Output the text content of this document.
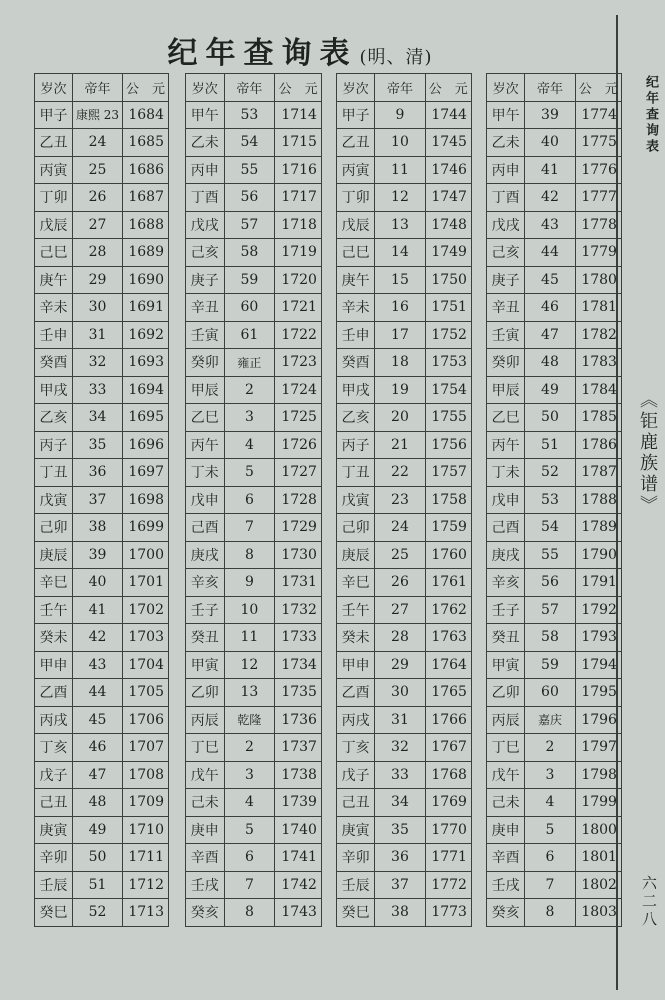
纪年查询表 (明、清)
纪年查询表
《钜鹿族谱》
六二八
岁次	帝年	公　元
甲子	康熙 23	1684
乙丑	24	1685
丙寅	25	1686
丁卯	26	1687
戊辰	27	1688
己巳	28	1689
庚午	29	1690
辛未	30	1691
壬申	31	1692
癸酉	32	1693
甲戌	33	1694
乙亥	34	1695
丙子	35	1696
丁丑	36	1697
戊寅	37	1698
己卯	38	1699
庚辰	39	1700
辛巳	40	1701
壬午	41	1702
癸未	42	1703
甲申	43	1704
乙酉	44	1705
丙戌	45	1706
丁亥	46	1707
戊子	47	1708
己丑	48	1709
庚寅	49	1710
辛卯	50	1711
壬辰	51	1712
癸巳	52	1713
岁次	帝年	公　元
甲午	53	1714
乙未	54	1715
丙申	55	1716
丁酉	56	1717
戊戌	57	1718
己亥	58	1719
庚子	59	1720
辛丑	60	1721
壬寅	61	1722
癸卯	雍正	1723
甲辰	2	1724
乙巳	3	1725
丙午	4	1726
丁未	5	1727
戊申	6	1728
己酉	7	1729
庚戌	8	1730
辛亥	9	1731
壬子	10	1732
癸丑	11	1733
甲寅	12	1734
乙卯	13	1735
丙辰	乾隆	1736
丁巳	2	1737
戊午	3	1738
己未	4	1739
庚申	5	1740
辛酉	6	1741
壬戌	7	1742
癸亥	8	1743
岁次	帝年	公　元
甲子	9	1744
乙丑	10	1745
丙寅	11	1746
丁卯	12	1747
戊辰	13	1748
己巳	14	1749
庚午	15	1750
辛未	16	1751
壬申	17	1752
癸酉	18	1753
甲戌	19	1754
乙亥	20	1755
丙子	21	1756
丁丑	22	1757
戊寅	23	1758
己卯	24	1759
庚辰	25	1760
辛巳	26	1761
壬午	27	1762
癸未	28	1763
甲申	29	1764
乙酉	30	1765
丙戌	31	1766
丁亥	32	1767
戊子	33	1768
己丑	34	1769
庚寅	35	1770
辛卯	36	1771
壬辰	37	1772
癸巳	38	1773
岁次	帝年	公　元
甲午	39	1774
乙未	40	1775
丙申	41	1776
丁酉	42	1777
戊戌	43	1778
己亥	44	1779
庚子	45	1780
辛丑	46	1781
壬寅	47	1782
癸卯	48	1783
甲辰	49	1784
乙巳	50	1785
丙午	51	1786
丁未	52	1787
戊申	53	1788
己酉	54	1789
庚戌	55	1790
辛亥	56	1791
壬子	57	1792
癸丑	58	1793
甲寅	59	1794
乙卯	60	1795
丙辰	嘉庆	1796
丁巳	2	1797
戊午	3	1798
己未	4	1799
庚申	5	1800
辛酉	6	1801
壬戌	7	1802
癸亥	8	1803
